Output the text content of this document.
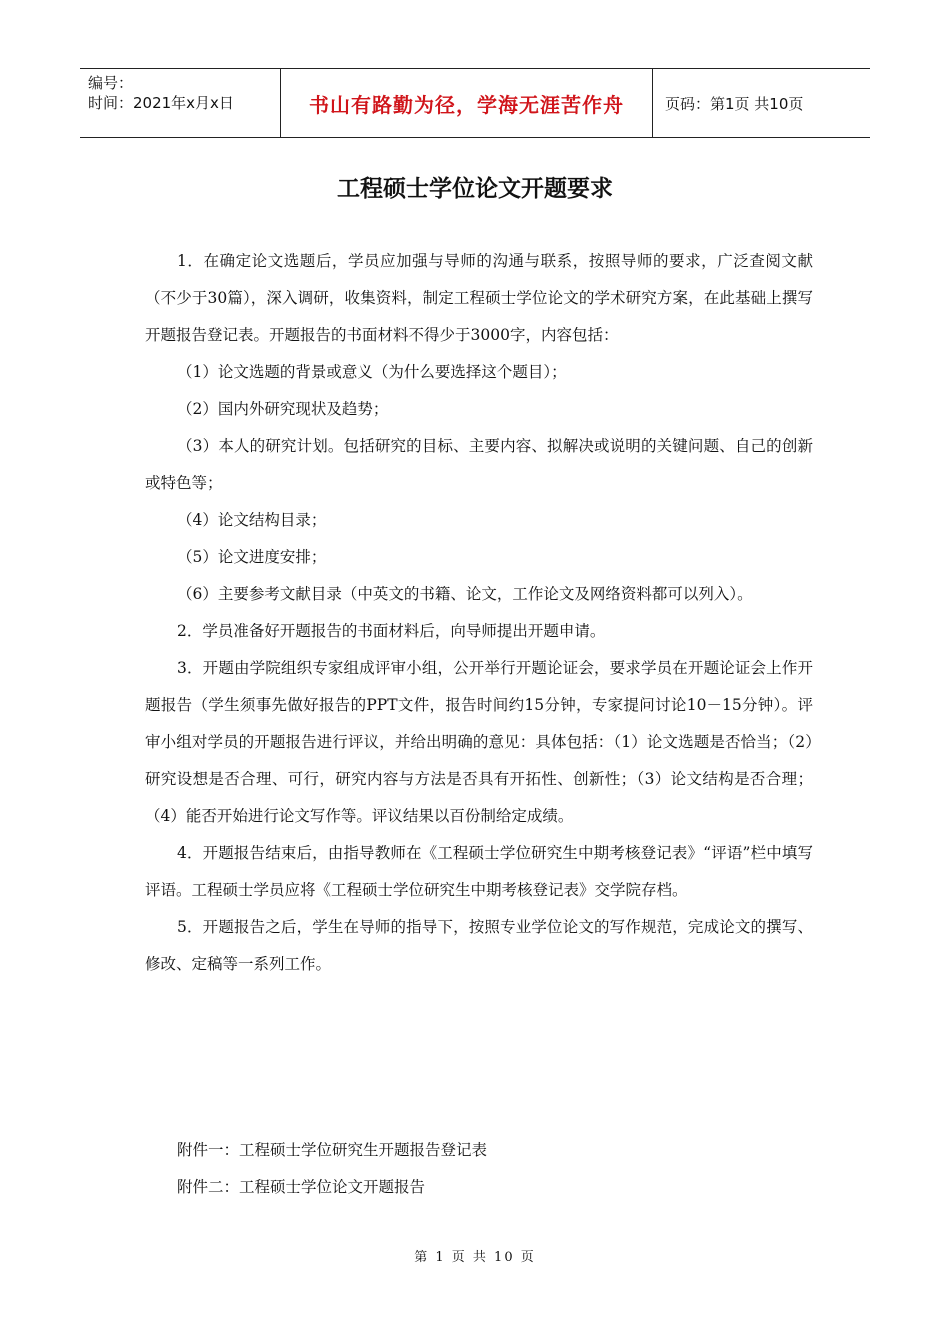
编号：
时间：2021年x月x日	书山有路勤为径，学海无涯苦作舟	页码：第1页 共10页
工程硕士学位论文开题要求

1．在确定论文选题后，学员应加强与导师的沟通与联系，按照导师的要求，广泛查阅文献（不少于30篇），深入调研，收集资料，制定工程硕士学位论文的学术研究方案，在此基础上撰写开题报告登记表。开题报告的书面材料不得少于3000字，内容包括：

（1）论文选题的背景或意义（为什么要选择这个题目）；

（2）国内外研究现状及趋势；

（3）本人的研究计划。包括研究的目标、主要内容、拟解决或说明的关键问题、自己的创新或特色等；

（4）论文结构目录；

（5）论文进度安排；

（6）主要参考文献目录（中英文的书籍、论文，工作论文及网络资料都可以列入）。

2．学员准备好开题报告的书面材料后，向导师提出开题申请。

3．开题由学院组织专家组成评审小组，公开举行开题论证会，要求学员在开题论证会上作开题报告（学生须事先做好报告的PPT文件，报告时间约15分钟，专家提问讨论10－15分钟）。评审小组对学员的开题报告进行评议，并给出明确的意见：具体包括：（1）论文选题是否恰当；（2）研究设想是否合理、可行，研究内容与方法是否具有开拓性、创新性；（3）论文结构是否合理；（4）能否开始进行论文写作等。评议结果以百份制给定成绩。

4．开题报告结束后，由指导教师在《工程硕士学位研究生中期考核登记表》“评语”栏中填写评语。工程硕士学员应将《工程硕士学位研究生中期考核登记表》交学院存档。

5．开题报告之后，学生在导师的指导下，按照专业学位论文的写作规范，完成论文的撰写、修改、定稿等一系列工作。

附件一：工程硕士学位研究生开题报告登记表
附件二：工程硕士学位论文开题报告
第 1 页 共 10 页
